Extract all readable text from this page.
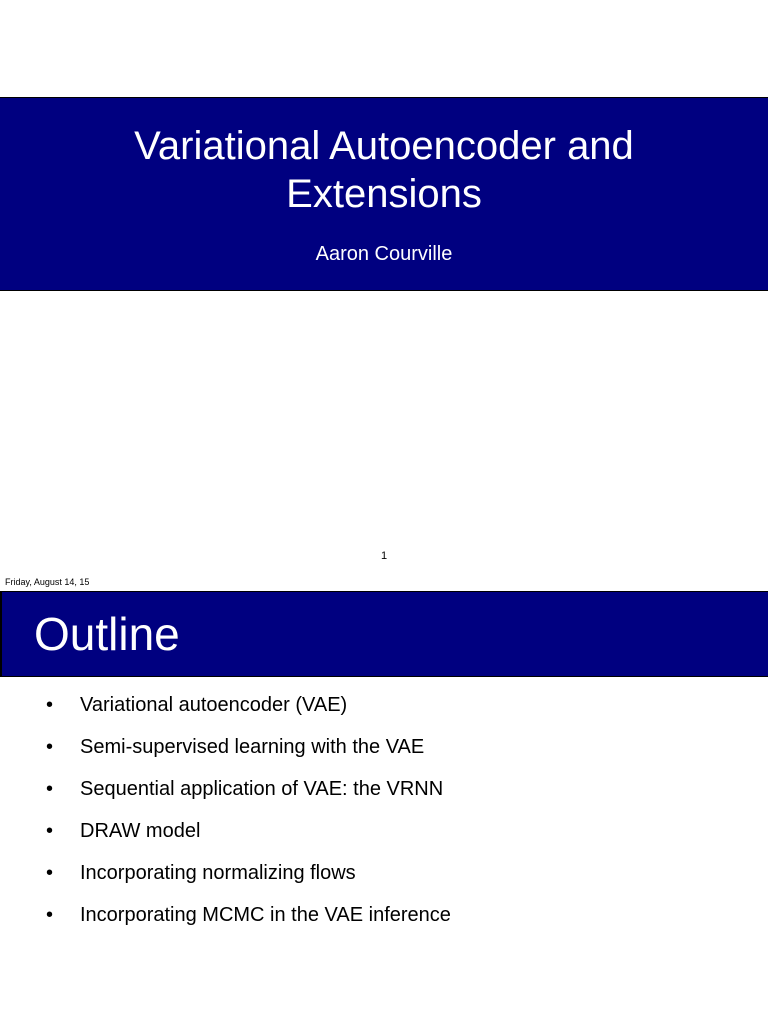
Variational Autoencoder and
Extensions
Aaron Courville
1
Friday, August 14, 15
Outline
• Variational autoencoder (VAE)
• Semi-supervised learning with the VAE
• Sequential application of VAE: the VRNN
• DRAW model
• Incorporating normalizing flows
• Incorporating MCMC in the VAE inference
